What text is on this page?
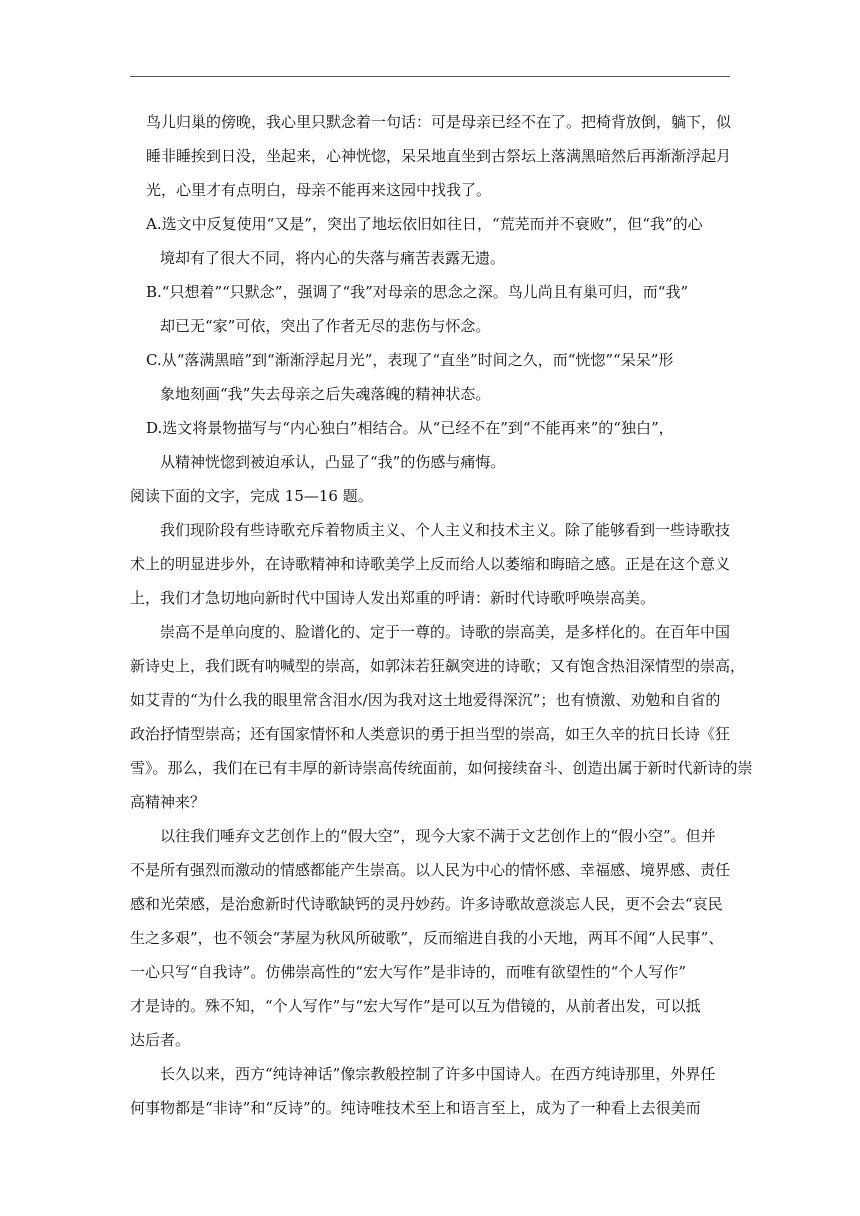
鸟儿归巢的傍晚，我心里只默念着一句话：可是母亲已经不在了。把椅背放倒，躺下，似
睡非睡挨到日没，坐起来，心神恍惚，呆呆地直坐到古祭坛上落满黑暗然后再渐渐浮起月
光，心里才有点明白，母亲不能再来这园中找我了。
A.选文中反复使用“又是”，突出了地坛依旧如往日，“荒芜而并不衰败”，但“我”的心
境却有了很大不同，将内心的失落与痛苦表露无遗。
B.“只想着”“只默念”，强调了“我”对母亲的思念之深。鸟儿尚且有巢可归，而“我”
却已无“家”可依，突出了作者无尽的悲伤与怀念。
C.从“落满黑暗”到“渐渐浮起月光”，表现了“直坐”时间之久，而“恍惚”“呆呆”形
象地刻画“我”失去母亲之后失魂落魄的精神状态。
D.选文将景物描写与“内心独白”相结合。从“已经不在”到“不能再来”的“独白”，
从精神恍惚到被迫承认，凸显了“我”的伤感与痛悔。
阅读下面的文字，完成 15—16 题。
我们现阶段有些诗歌充斥着物质主义、个人主义和技术主义。除了能够看到一些诗歌技
术上的明显进步外，在诗歌精神和诗歌美学上反而给人以萎缩和晦暗之感。正是在这个意义
上，我们才急切地向新时代中国诗人发出郑重的呼请：新时代诗歌呼唤崇高美。
崇高不是单向度的、脸谱化的、定于一尊的。诗歌的崇高美，是多样化的。在百年中国
新诗史上，我们既有呐喊型的崇高，如郭沫若狂飙突进的诗歌；又有饱含热泪深情型的崇高，
如艾青的“为什么我的眼里常含泪水/因为我对这土地爱得深沉”；也有愤激、劝勉和自省的
政治抒情型崇高；还有国家情怀和人类意识的勇于担当型的崇高，如王久辛的抗日长诗《狂
雪》。那么，我们在已有丰厚的新诗崇高传统面前，如何接续奋斗、创造出属于新时代新诗的崇
高精神来？
以往我们唾弃文艺创作上的“假大空”，现今大家不满于文艺创作上的“假小空”。但并
不是所有强烈而激动的情感都能产生崇高。以人民为中心的情怀感、幸福感、境界感、责任
感和光荣感，是治愈新时代诗歌缺钙的灵丹妙药。许多诗歌故意淡忘人民，更不会去“哀民
生之多艰”，也不领会“茅屋为秋风所破歌”，反而缩进自我的小天地，两耳不闻“人民事”、
一心只写“自我诗”。仿佛崇高性的“宏大写作”是非诗的，而唯有欲望性的“个人写作”
才是诗的。殊不知，“个人写作”与“宏大写作”是可以互为借镜的，从前者出发，可以抵
达后者。
长久以来，西方“纯诗神话”像宗教般控制了许多中国诗人。在西方纯诗那里，外界任
何事物都是“非诗”和“反诗”的。纯诗唯技术至上和语言至上，成为了一种看上去很美而
